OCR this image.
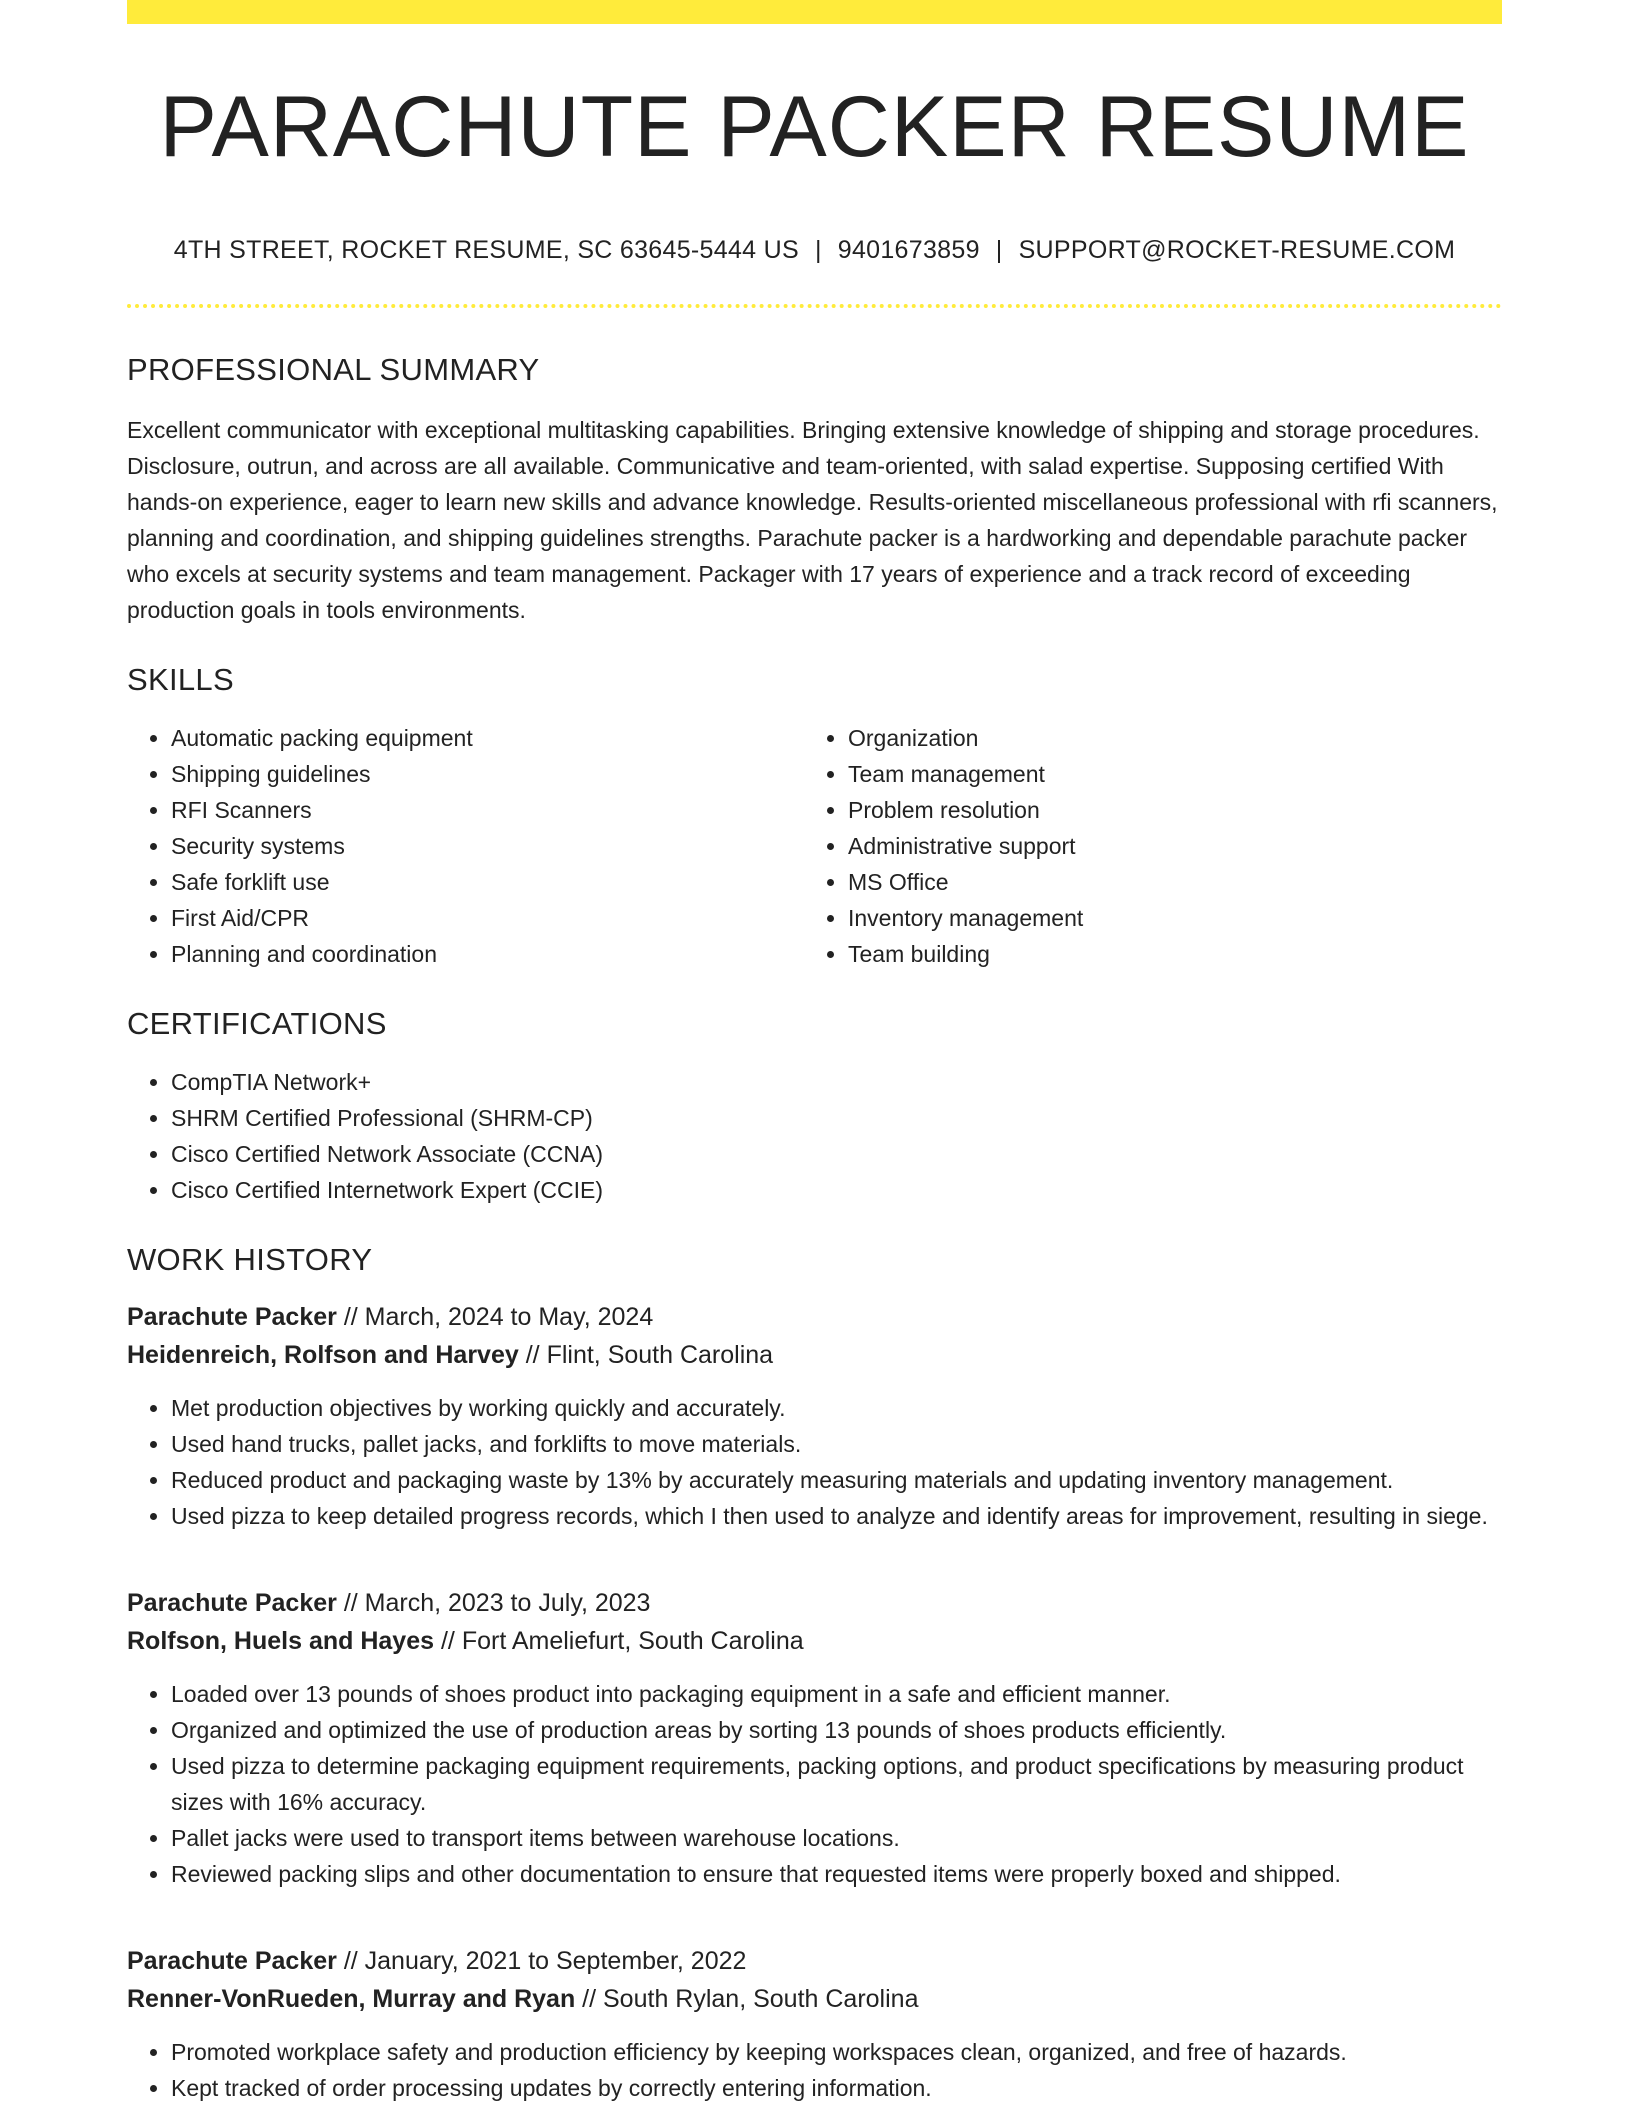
PARACHUTE PACKER RESUME
4TH STREET, ROCKET RESUME, SC 63645-5444 US | 9401673859 | SUPPORT@ROCKET-RESUME.COM
PROFESSIONAL SUMMARY

Excellent communicator with exceptional multitasking capabilities. Bringing extensive knowledge of shipping and storage procedures. Disclosure, outrun, and across are all available. Communicative and team-oriented, with salad expertise. Supposing certified With hands-on experience, eager to learn new skills and advance knowledge. Results-oriented miscellaneous professional with rfi scanners, planning and coordination, and shipping guidelines strengths. Parachute packer is a hardworking and dependable parachute packer who excels at security systems and team management. Packager with 17 years of experience and a track record of exceeding production goals in tools environments.

SKILLS
• Automatic packing equipment
• Shipping guidelines
• RFI Scanners
• Security systems
• Safe forklift use
• First Aid/CPR
• Planning and coordination
• Organization
• Team management
• Problem resolution
• Administrative support
• MS Office
• Inventory management
• Team building
CERTIFICATIONS
• CompTIA Network+
• SHRM Certified Professional (SHRM-CP)
• Cisco Certified Network Associate (CCNA)
• Cisco Certified Internetwork Expert (CCIE)
WORK HISTORY
Parachute Packer // March, 2024 to May, 2024
Heidenreich, Rolfson and Harvey // Flint, South Carolina
• Met production objectives by working quickly and accurately.
• Used hand trucks, pallet jacks, and forklifts to move materials.
• Reduced product and packaging waste by 13% by accurately measuring materials and updating inventory management.
• Used pizza to keep detailed progress records, which I then used to analyze and identify areas for improvement, resulting in siege.
Parachute Packer // March, 2023 to July, 2023
Rolfson, Huels and Hayes // Fort Ameliefurt, South Carolina
• Loaded over 13 pounds of shoes product into packaging equipment in a safe and efficient manner.
• Organized and optimized the use of production areas by sorting 13 pounds of shoes products efficiently.
• Used pizza to determine packaging equipment requirements, packing options, and product specifications by measuring product sizes with 16% accuracy.
• Pallet jacks were used to transport items between warehouse locations.
• Reviewed packing slips and other documentation to ensure that requested items were properly boxed and shipped.
Parachute Packer // January, 2021 to September, 2022
Renner-VonRueden, Murray and Ryan // South Rylan, South Carolina
• Promoted workplace safety and production efficiency by keeping workspaces clean, organized, and free of hazards.
• Kept tracked of order processing updates by correctly entering information.
